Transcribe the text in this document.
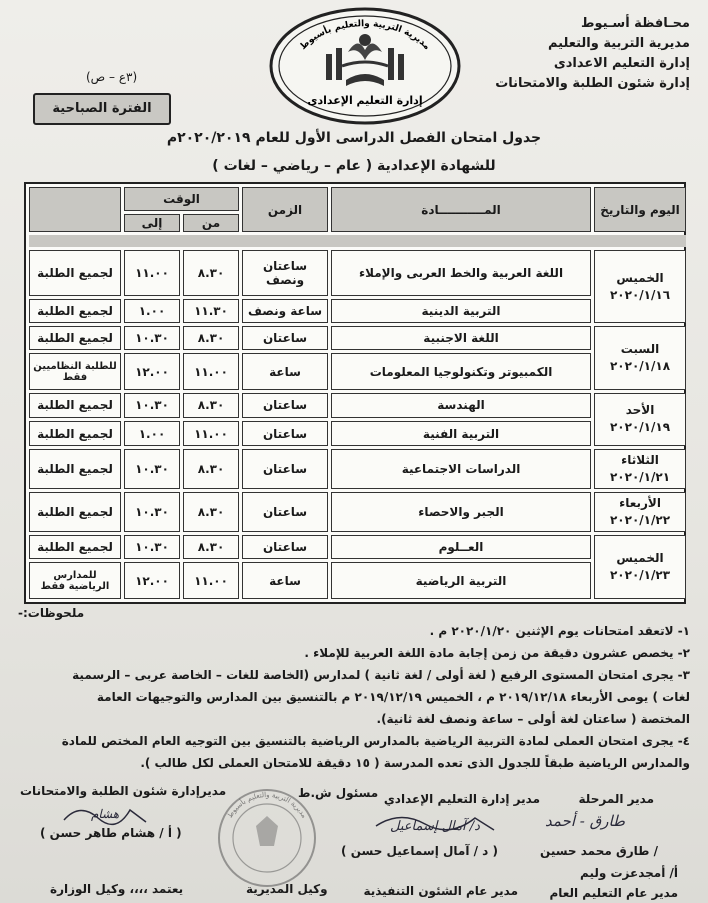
محـافظة أسـيوط
مديرية التربية والتعليم
إدارة التعليم الاعدادى
إدارة شئون الطلبة والامتحانات
مديرية التربية والتعليم بأسيوط
إدارة التعليم الإعدادى
(٣ع – ص)
الفترة الصباحية
جدول امتحان الفصل الدراسى الأول للعام ٢٠٢٠/٢٠١٩م
للشهادة الإعدادية ( عام – رياضي – لغات )
اليوم والتاريخ	المـــــــــــادة	الزمن	الوقت		
			من	إلى	

الخميس
٢٠٢٠/١/١٦	اللغة العربية والخط العربى والإملاء	ساعتان ونصف	٨.٣٠	١١.٠٠	لجميع الطلبة
	التربية الدينية	ساعة ونصف	١١.٣٠	١.٠٠	لجميع الطلبة

السبت
٢٠٢٠/١/١٨	اللغة الاجنبية	ساعتان	٨.٣٠	١٠.٣٠	لجميع الطلبة
	الكمبيوتر وتكنولوجيا المعلومات	ساعة	١١.٠٠	١٢.٠٠	للطلبة النظاميين فقط

الأحد
٢٠٢٠/١/١٩	الهندسة	ساعتان	٨.٣٠	١٠.٣٠	لجميع الطلبة
	التربية الفنية	ساعتان	١١.٠٠	١.٠٠	لجميع الطلبة

الثلاثاء
٢٠٢٠/١/٢١	الدراسات الاجتماعية	ساعتان	٨.٣٠	١٠.٣٠	لجميع الطلبة

الأربعاء
٢٠٢٠/١/٢٢	الجبر والاحصاء	ساعتان	٨.٣٠	١٠.٣٠	لجميع الطلبة

الخميس
٢٠٢٠/١/٢٣	العــلوم	ساعتان	٨.٣٠	١٠.٣٠	لجميع الطلبة
	التربية الرياضية	ساعة	١١.٠٠	١٢.٠٠	للمدارس الرياضية فقط

ملحوظات:-

١- لاتعقد امتحانات يوم الإثنين ٢٠٢٠/١/٢٠ م .

٢- يخصص عشرون دقيقة من زمن إجابة مادة اللغة العربية للإملاء .

٣- يجرى امتحان المستوى الرفيع ( لغة أولى / لغة ثانية ) لمدارس (الخاصة للغات – الخاصة عربى – الرسمية

لغات ) يومى الأربعاء ٢٠١٩/١٢/١٨ م ، الخميس ٢٠١٩/١٢/١٩ م بالتنسيق بين المدارس والتوجيهات العامة

المختصة ( ساعتان لغة أولى – ساعة ونصف لغة ثانية).

٤- يجرى امتحان العملى لمادة التربية الرياضية بالمدارس الرياضية بالتنسيق بين التوجيه العام المختص للمادة

والمدارس الرياضية طبقاً للجدول الذى تعده المدرسة ( ١٥ دقيقة للامتحان العملى لكل طالب ).

مدير المرحلة
مدير إدارة التعليم الإعدادي
مسئول ش.ط
مديرإدارة شئون الطلبة والامتحانات
طارق - أحمد
د/ آمال إسماعيل
هشام	مديرية التربية والتعليم بأسيوط
/ طارق محمد حسين
( د / آمال إسماعيل حسن )
( أ / هشام طاهر حسن )
أ/ أمجدعزت وليم
مدير عام التعليم العام
مدير عام الشئون التنفيذية
وكيل المديرية
يعتمد ،،،، وكيل الوزارة
